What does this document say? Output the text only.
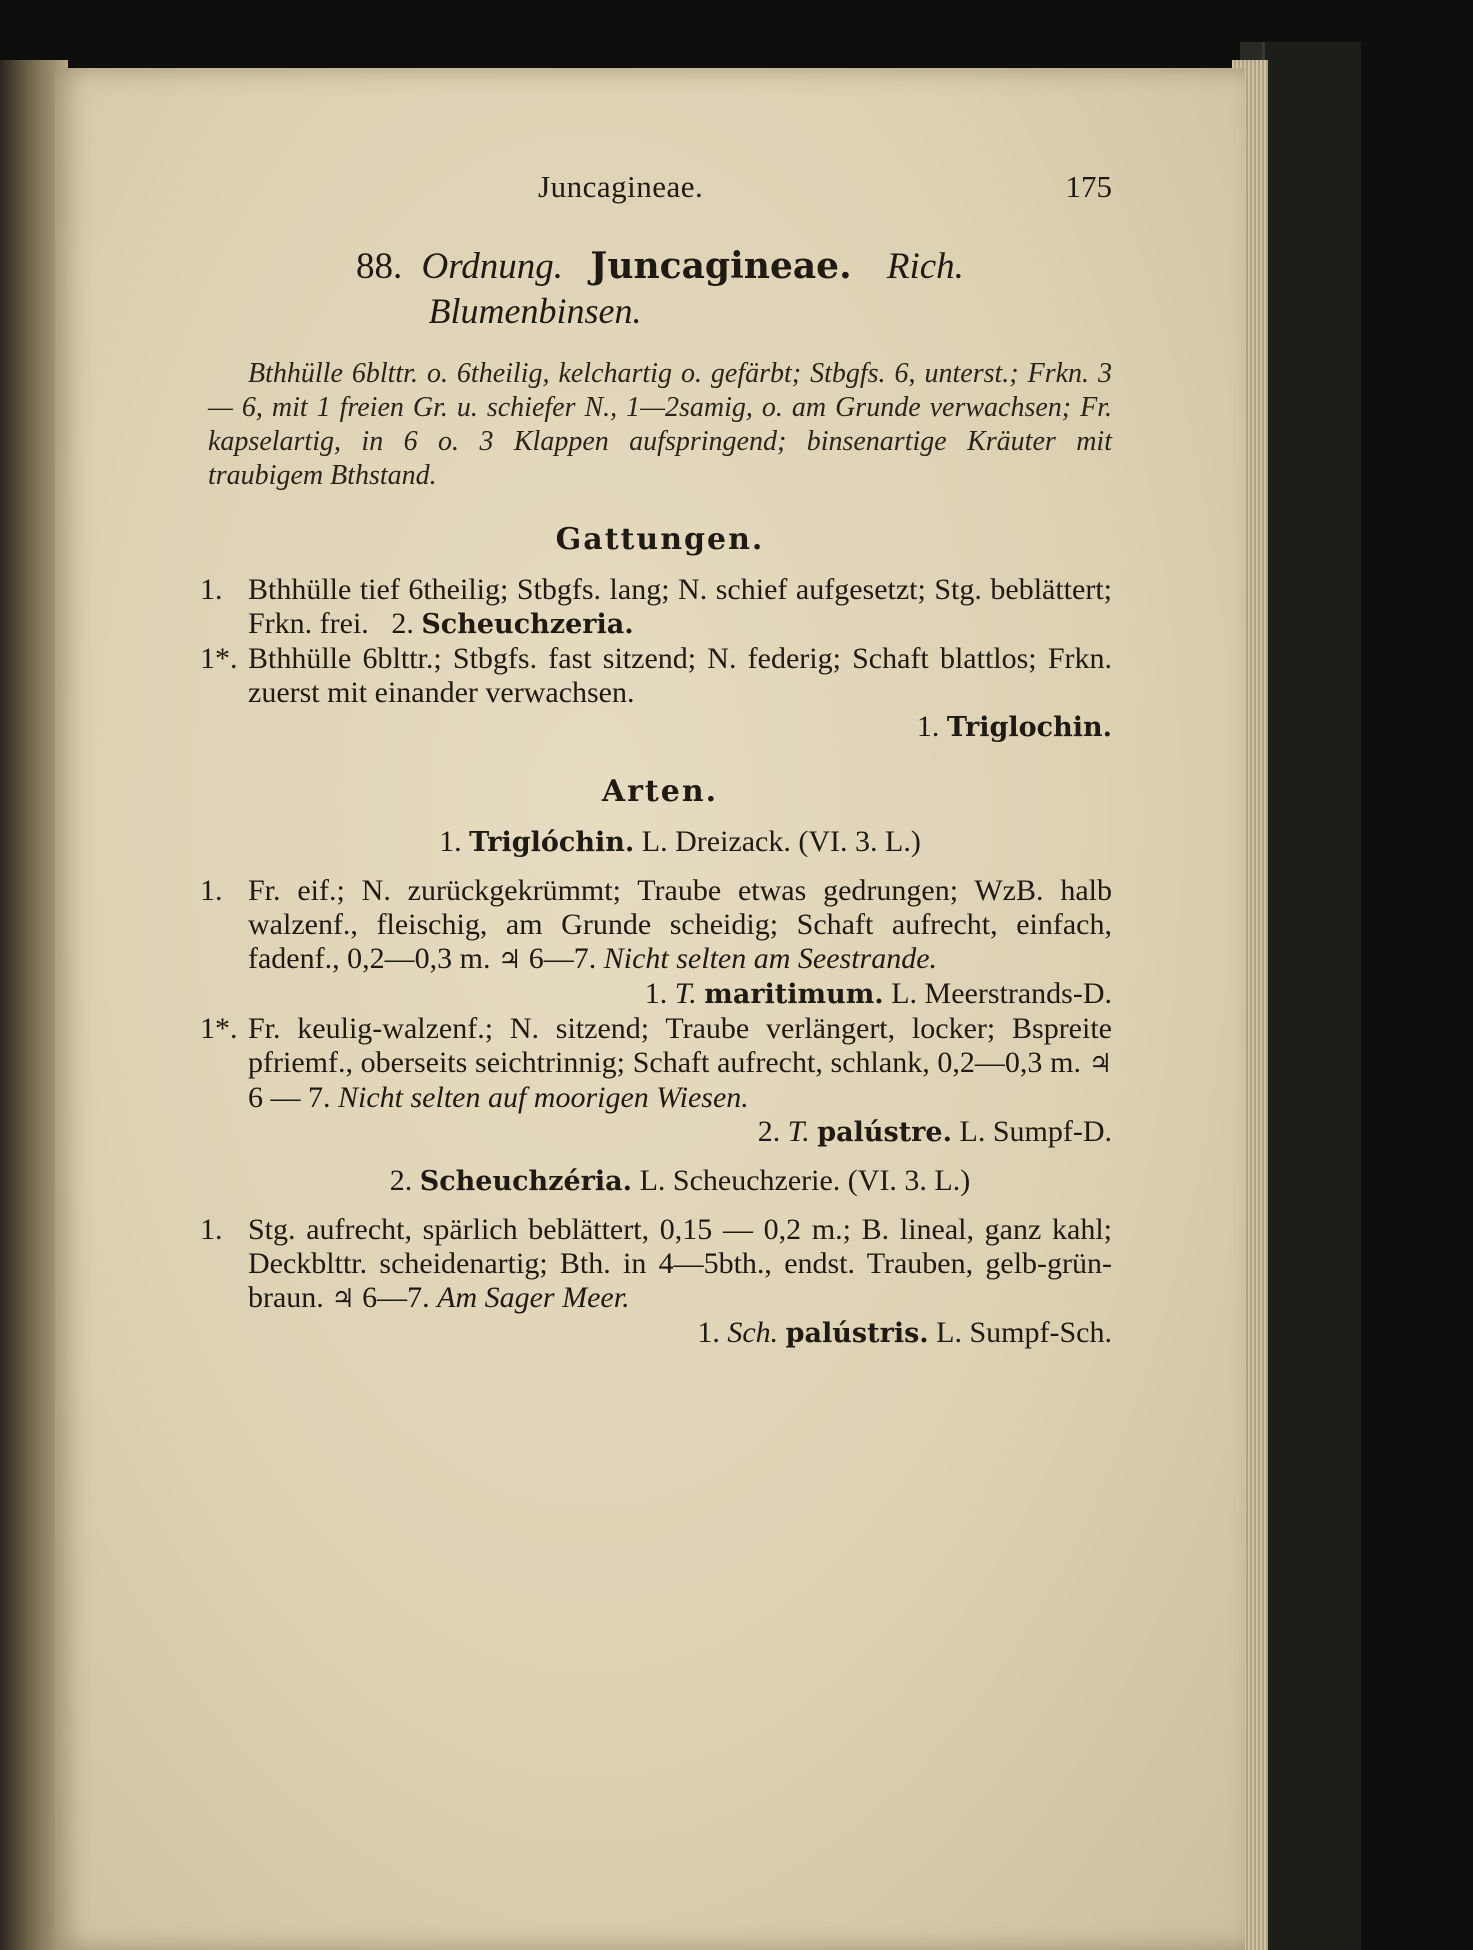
Juncagineae.	175
88. Ordnung. Juncagineae. Rich.
Blumenbinsen.
Bthhülle 6blttr. o. 6theilig, kelchartig o. gefärbt; Stbgfs. 6, unterst.; Frkn. 3 — 6, mit 1 freien Gr. u. schiefer N., 1—2samig, o. am Grunde verwachsen; Fr. kapselartig, in 6 o. 3 Klappen aufspringend; binsenartige Kräuter mit traubigem Bthstand.
Gattungen.
1. Bthhülle tief 6theilig; Stbgfs. lang; N. schief aufgesetzt; Stg. beblättert; Frkn. frei. 2. Scheuchzeria.
1*. Bthhülle 6blttr.; Stbgfs. fast sitzend; N. federig; Schaft blattlos; Frkn. zuerst mit einander verwachsen.
1. Triglochin.
Arten.
1. Triglóchin. L. Dreizack. (VI. 3. L.)
1. Fr. eif.; N. zurückgekrümmt; Traube etwas gedrungen; WzB. halb walzenf., fleischig, am Grunde scheidig; Schaft aufrecht, einfach, fadenf., 0,2—0,3 m. ♃ 6—7. Nicht selten am Seestrande.
1. T. maritimum. L. Meerstrands-D.
1*. Fr. keulig-walzenf.; N. sitzend; Traube verlängert, locker; Bspreite pfriemf., oberseits seichtrinnig; Schaft aufrecht, schlank, 0,2—0,3 m. ♃ 6 — 7. Nicht selten auf moorigen Wiesen.
2. T. palústre. L. Sumpf-D.
2. Scheuchzéria. L. Scheuchzerie. (VI. 3. L.)
1. Stg. aufrecht, spärlich beblättert, 0,15 — 0,2 m.; B. lineal, ganz kahl; Deckblttr. scheidenartig; Bth. in 4—5bth., endst. Trauben, gelb-grün-braun. ♃ 6—7. Am Sager Meer.
1. Sch. palústris. L. Sumpf-Sch.
